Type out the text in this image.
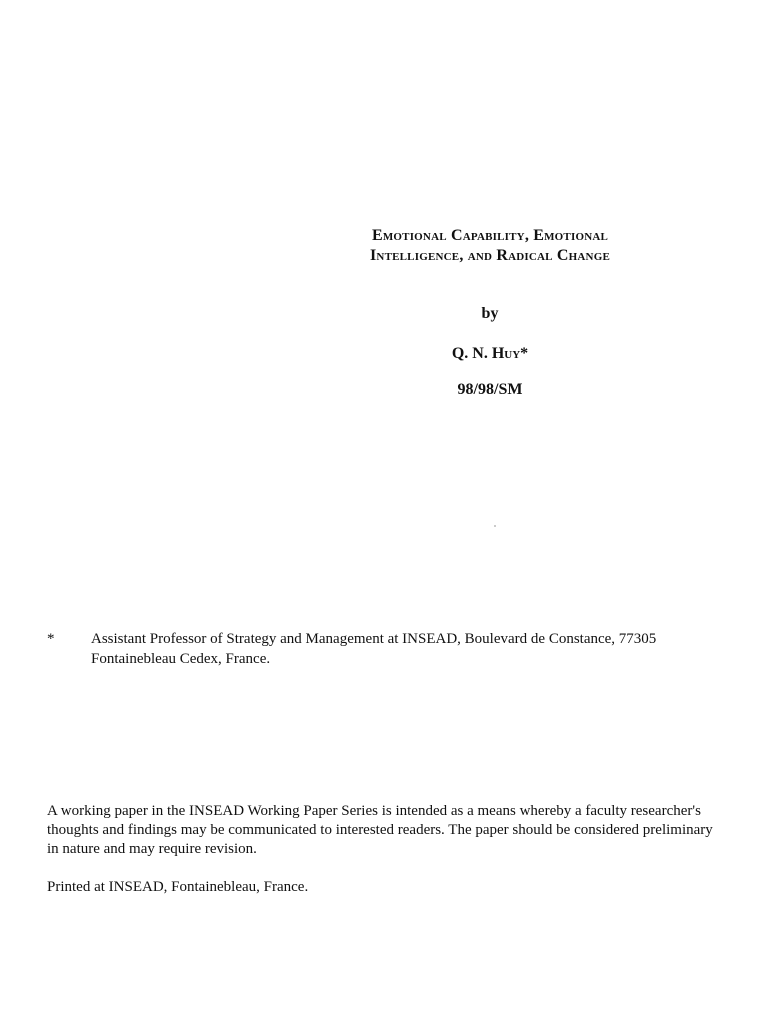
Emotional Capability, Emotional
Intelligence, and Radical Change
by
Q. N. Huy*
98/98/SM
* Assistant Professor of Strategy and Management at INSEAD, Boulevard de Constance, 77305
Fontainebleau Cedex, France.
A working paper in the INSEAD Working Paper Series is intended as a means whereby a faculty researcher's
thoughts and findings may be communicated to interested readers. The paper should be considered preliminary
in nature and may require revision.
Printed at INSEAD, Fontainebleau, France.
